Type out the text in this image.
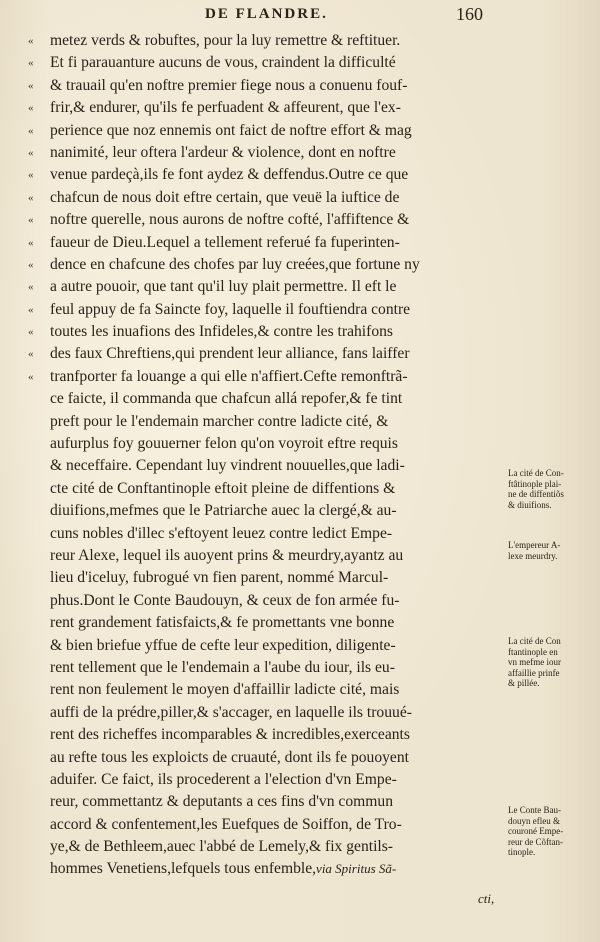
DE FLANDRE.	160
«	metez verds & robuftes, pour la luy remettre & reftituer.
«	Et fi parauanture aucuns de vous, craindent la difficulté
«	& trauail qu'en noftre premier fiege nous a conuenu fouf-
«	frir,& endurer, qu'ils fe perfuadent & affeurent, que l'ex-
«	perience que noz ennemis ont faict de noftre effort & mag
«	nanimité, leur oftera l'ardeur & violence, dont en noftre
«	venue pardeçà,ils fe font aydez & deffendus.Outre ce que
«	chafcun de nous doit eftre certain, que veuë la iuftice de
«	noftre querelle, nous aurons de noftre cofté, l'affiftence &
«	faueur de Dieu.Lequel a tellement referué fa fuperinten-
«	dence en chafcune des chofes par luy creées,que fortune ny
«	a autre pouoir, que tant qu'il luy plait permettre. Il eft le
«	feul appuy de fa Saincte foy, laquelle il fouftiendra contre
«	toutes les inuafions des Infideles,& contre les trahifons
«	des faux Chreftiens,qui prendent leur alliance, fans laiffer
«	tranfporter fa louange a qui elle n'affiert.Cefte remonftrã-
ce faicte, il commanda que chafcun allá repofer,& fe tint
preft pour le l'endemain marcher contre ladicte cité, &
aufurplus foy gouuerner felon qu'on voyroit eftre requis
& neceffaire. Cependant luy vindrent nouuelles,que ladi-
cte cité de Conftantinople eftoit pleine de diffentions &
diuifions,mefmes que le Patriarche auec la clergé,& au-
cuns nobles d'illec s'eftoyent leuez contre ledict Empe-
reur Alexe, lequel ils auoyent prins & meurdry,ayantz au
lieu d'iceluy, fubrogué vn fien parent, nommé Marcul-
phus.Dont le Conte Baudouyn, & ceux de fon armée fu-
rent grandement fatisfaicts,& fe promettants vne bonne
& bien briefue yffue de cefte leur expedition, diligente-
rent tellement que le l'endemain a l'aube du iour, ils eu-
rent non feulement le moyen d'affaillir ladicte cité, mais
auffi de la prédre,piller,& s'accager, en laquelle ils trouué-
rent des richeffes incomparables & incredibles,exerceants
au refte tous les exploicts de cruauté, dont ils fe pouoyent
aduifer. Ce faict, ils procederent a l'election d'vn Empe-
reur, commettantz & deputants a ces fins d'vn commun
accord & confentement,les Euefques de Soiffon, de Tro-
ye,& de Bethleem,auec l'abbé de Lemely,& fix gentils-
hommes Venetiens,lefquels tous enfemble,via Spiritus Sã-
cti,
La cité de Con-
ftâtinople plai-
ne de diffentiõs
& diuifions.
L'empereur A-
lexe meurdry.
La cité de Con
ftantinople en
vn mefme iour
affaillie prinfe
& pillée.
Le Conte Bau-
douyn efleu &
couroné Empe-
reur de Cõftan-
tinople.
